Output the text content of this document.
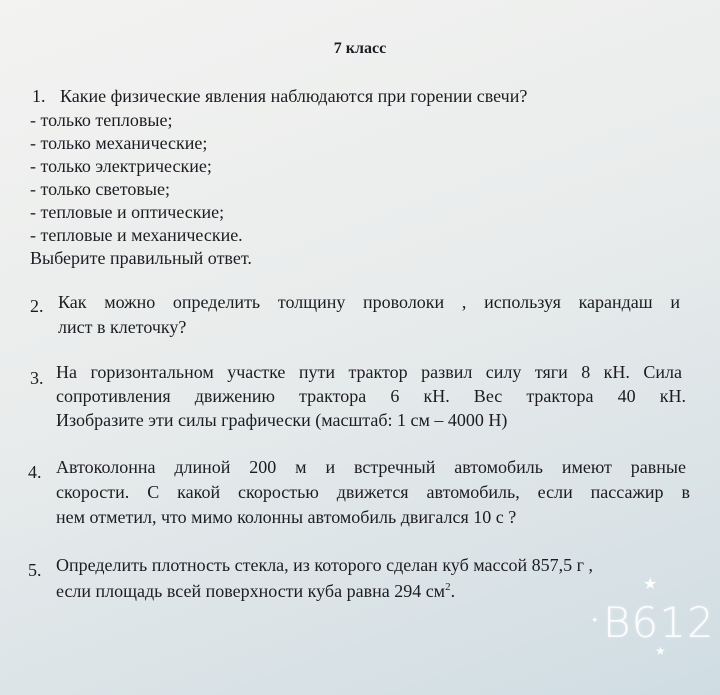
7 класс
1. Какие физические явления наблюдаются при горении свечи?
- только тепловые;
- только механические;
- только электрические;
- только световые;
- тепловые и оптические;
- тепловые и механические.
Выберите правильный ответ.
2. Как можно определить толщину проволоки , используя карандаш и
лист в клеточку?
3. На горизонтальном участке пути трактор развил силу тяги 8 кН. Сила
сопротивления движению трактора 6 кН. Вес трактора 40 кН.
Изобразите эти силы графически (масштаб: 1 см – 4000 Н)
4. Автоколонна длиной 200 м и встречный автомобиль имеют равные
скорости. С какой скоростью движется автомобиль, если пассажир в
нем отметил, что мимо колонны автомобиль двигался 10 с ?
5. Определить плотность стекла, из которого сделан куб массой 857,5 г ,
если площадь всей поверхности куба равна 294 $см^2$.
B612
★
✦
★
